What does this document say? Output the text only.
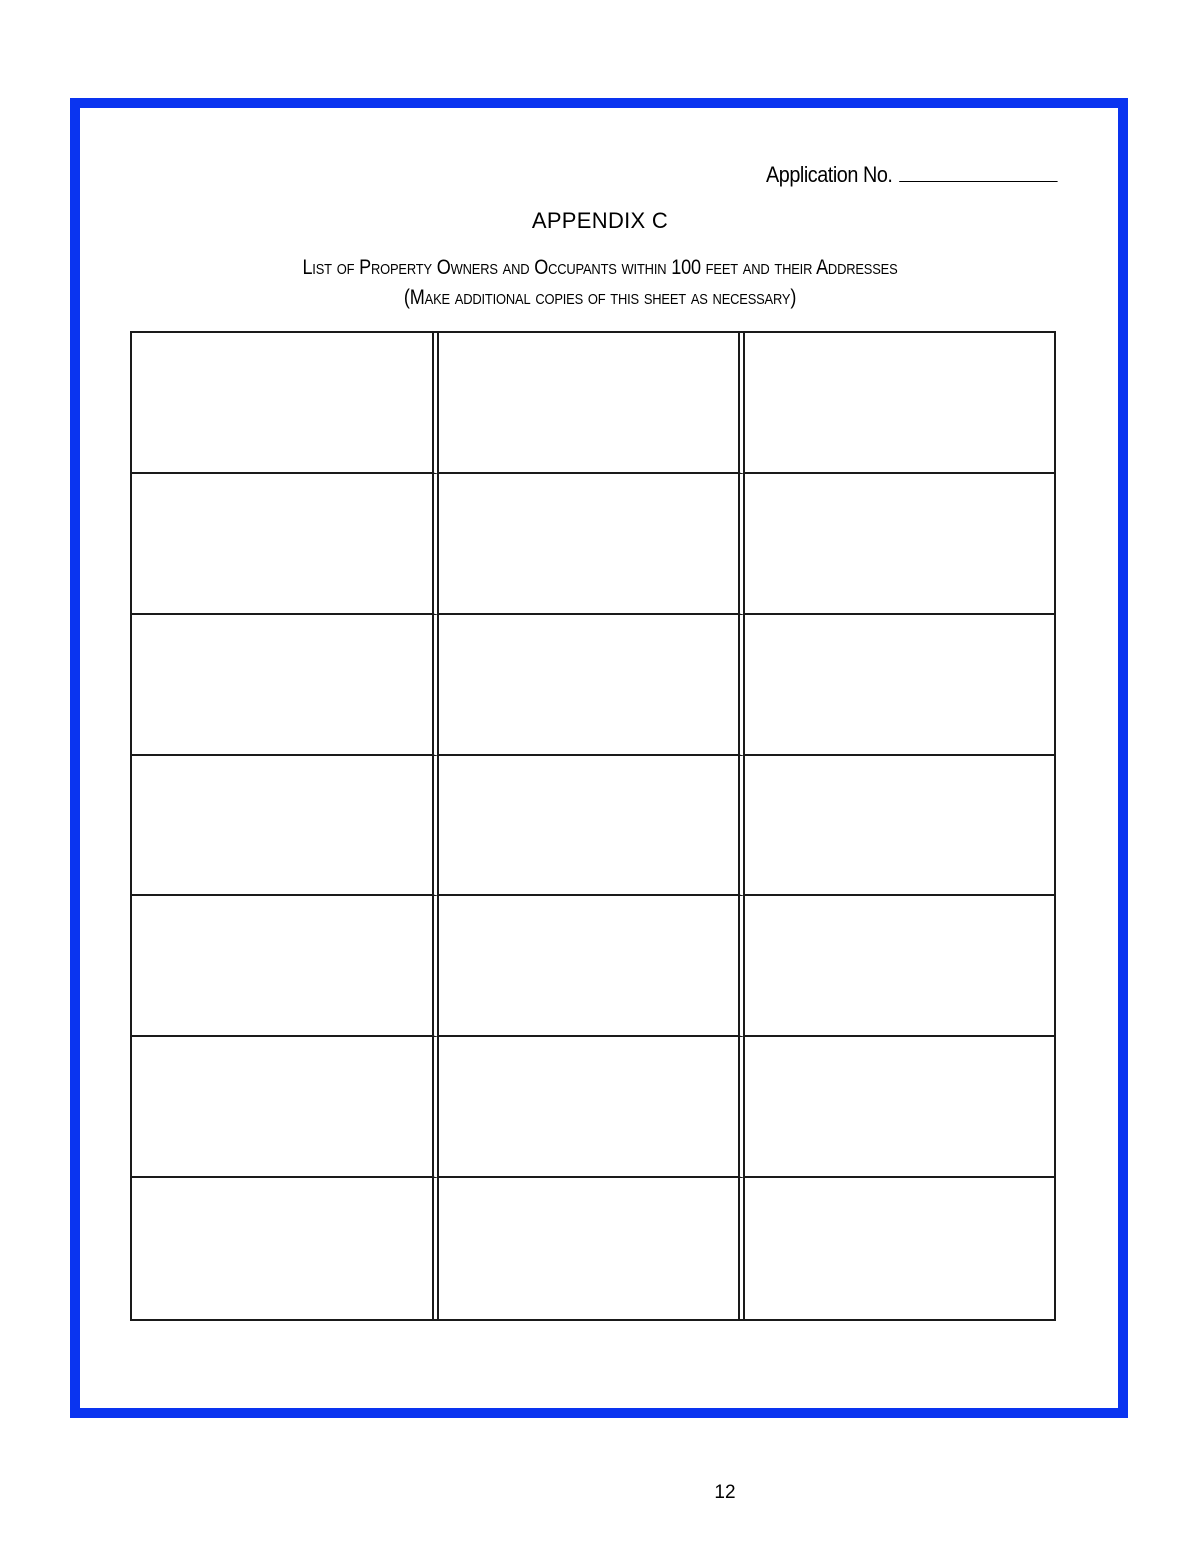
Application No.
APPENDIX C
List of Property Owners and Occupants within 100 feet and their Addresses
(Make additional copies of this sheet as necessary)
12
